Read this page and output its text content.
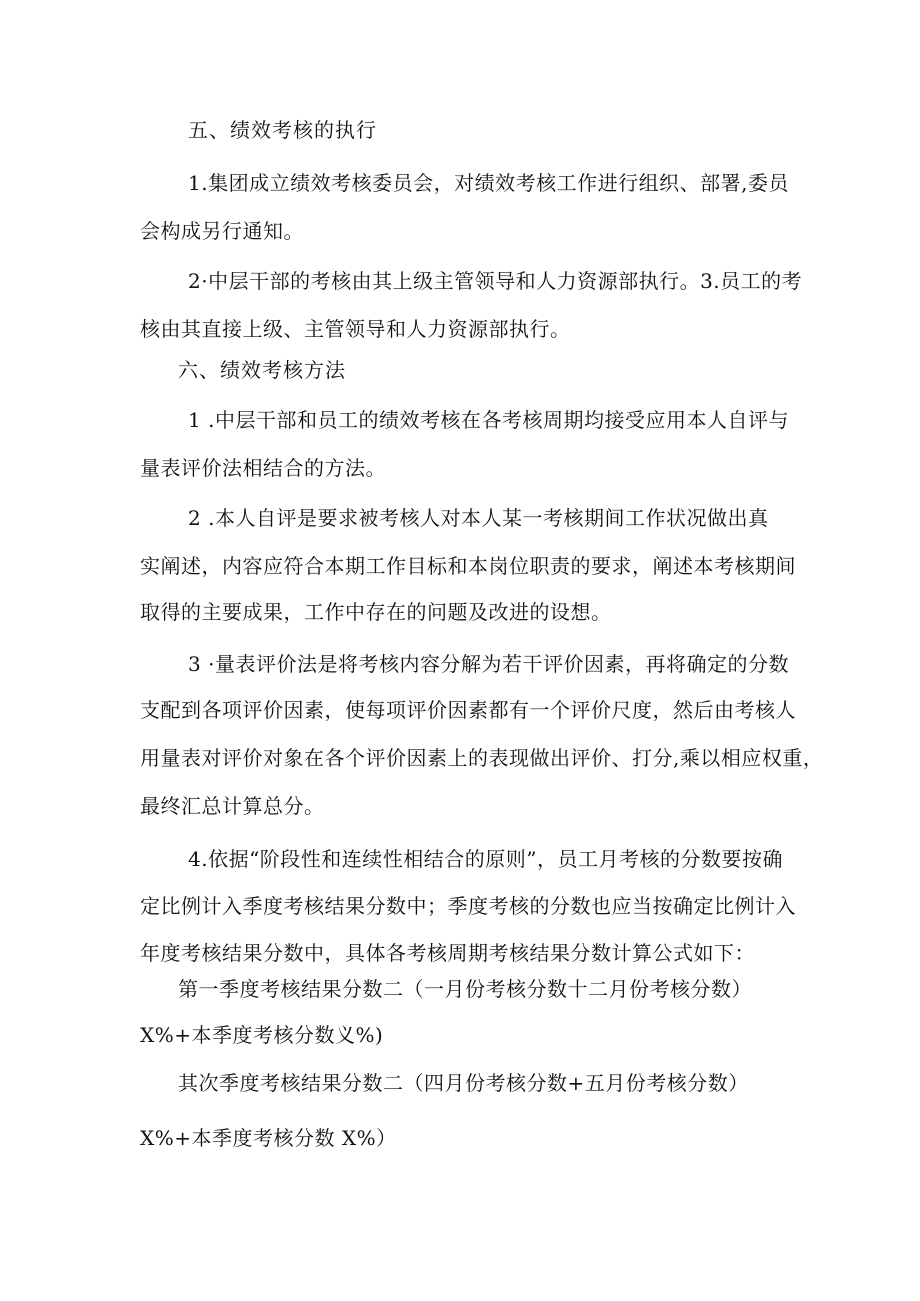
五、绩效考核的执行
1.集团成立绩效考核委员会，对绩效考核工作进行组织、部署,委员
会构成另行通知。
2·中层干部的考核由其上级主管领导和人力资源部执行。3.员工的考
核由其直接上级、主管领导和人力资源部执行。
六、绩效考核方法
1 .中层干部和员工的绩效考核在各考核周期均接受应用本人自评与
量表评价法相结合的方法。
2 .本人自评是要求被考核人对本人某一考核期间工作状况做出真
实阐述，内容应符合本期工作目标和本岗位职责的要求，阐述本考核期间
取得的主要成果，工作中存在的问题及改进的设想。
3 ·量表评价法是将考核内容分解为若干评价因素，再将确定的分数
支配到各项评价因素，使每项评价因素都有一个评价尺度，然后由考核人
用量表对评价对象在各个评价因素上的表现做出评价、打分,乘以相应权重，
最终汇总计算总分。
4.依据“阶段性和连续性相结合的原则”，员工月考核的分数要按确
定比例计入季度考核结果分数中；季度考核的分数也应当按确定比例计入
年度考核结果分数中，具体各考核周期考核结果分数计算公式如下：
第一季度考核结果分数二（一月份考核分数十二月份考核分数）
X%+本季度考核分数义%)
其次季度考核结果分数二（四月份考核分数+五月份考核分数）
X%+本季度考核分数 X%）
